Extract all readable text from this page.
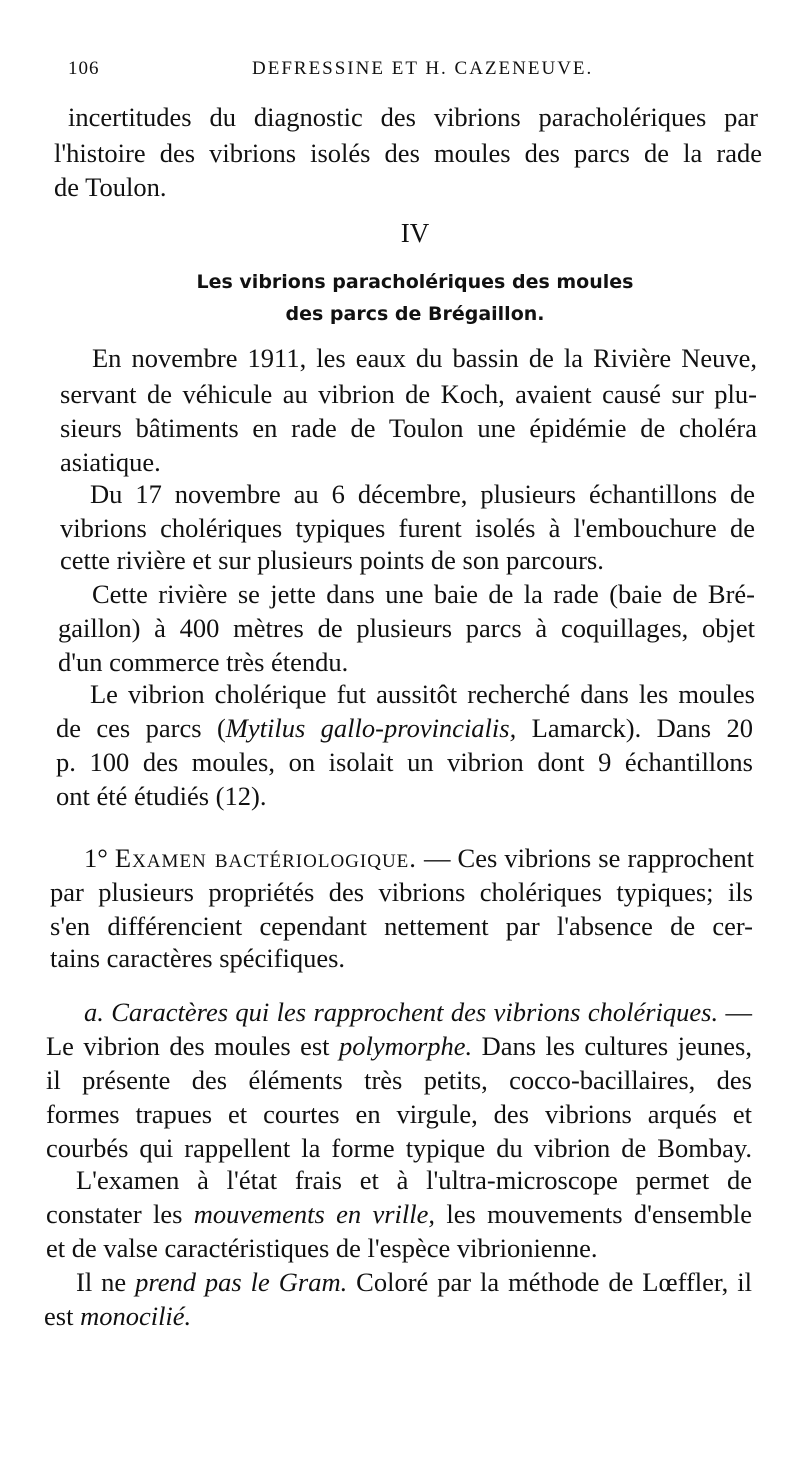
106	DEFRESSINE ET H. CAZENEUVE.
incertitudes du diagnostic des vibrions paracholériques par
l'histoire des vibrions isolés des moules des parcs de la rade
de Toulon.
IV
Les vibrions paracholériques des moules
des parcs de Brégaillon.
En novembre 1911, les eaux du bassin de la Rivière Neuve,
servant de véhicule au vibrion de Koch, avaient causé sur plu-
sieurs bâtiments en rade de Toulon une épidémie de choléra
asiatique.
Du 17 novembre au 6 décembre, plusieurs échantillons de
vibrions cholériques typiques furent isolés à l'embouchure de
cette rivière et sur plusieurs points de son parcours.
Cette rivière se jette dans une baie de la rade (baie de Bré-
gaillon) à 400 mètres de plusieurs parcs à coquillages, objet
d'un commerce très étendu.
Le vibrion cholérique fut aussitôt recherché dans les moules
de ces parcs (Mytilus gallo-provincialis, Lamarck). Dans 20
p. 100 des moules, on isolait un vibrion dont 9 échantillons
ont été étudiés (12).
1° Examen bactériologique. — Ces vibrions se rapprochent
par plusieurs propriétés des vibrions cholériques typiques; ils
s'en différencient cependant nettement par l'absence de cer-
tains caractères spécifiques.
a. Caractères qui les rapprochent des vibrions cholériques. —
Le vibrion des moules est polymorphe. Dans les cultures jeunes,
il présente des éléments très petits, cocco-bacillaires, des
formes trapues et courtes en virgule, des vibrions arqués et
courbés qui rappellent la forme typique du vibrion de Bombay.
L'examen à l'état frais et à l'ultra-microscope permet de
constater les mouvements en vrille, les mouvements d'ensemble
et de valse caractéristiques de l'espèce vibrionienne.
Il ne prend pas le Gram. Coloré par la méthode de Lœffler, il
est monocilié.
